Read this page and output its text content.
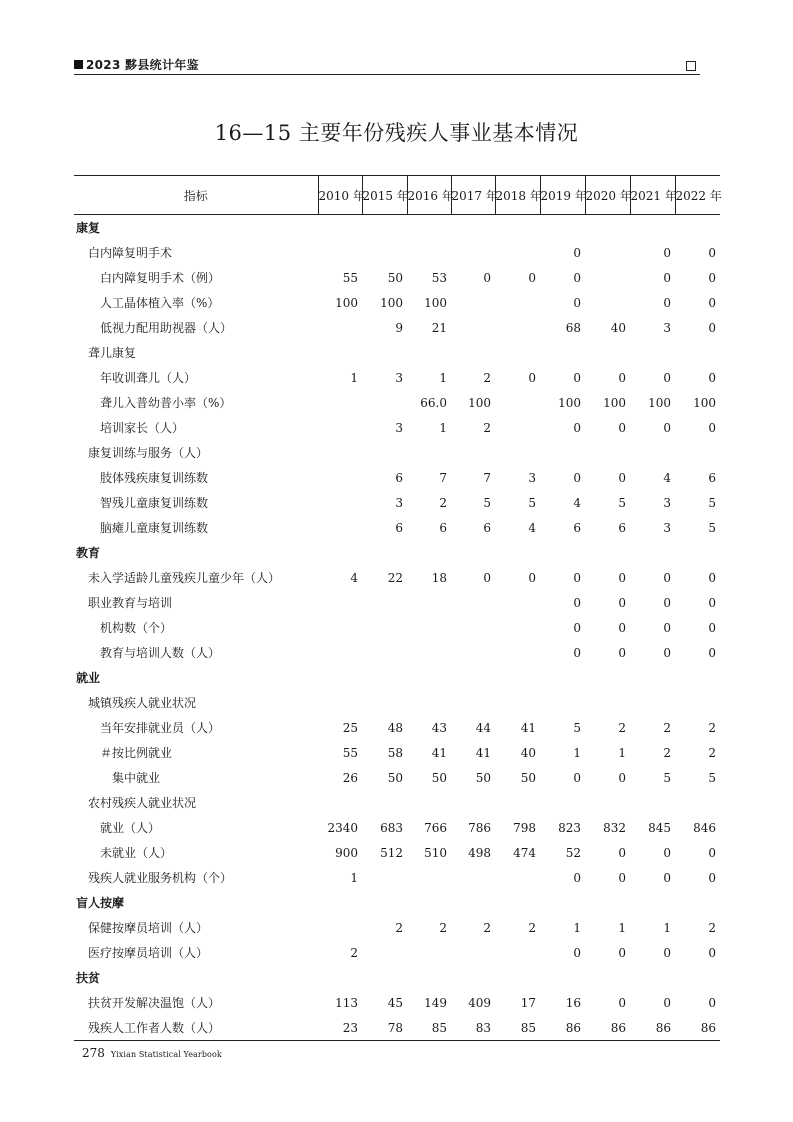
2023 黟县统计年鉴
16—15 主要年份残疾人事业基本情况
指标	2010 年	2015 年	2016 年	2017 年	2018 年	2019 年	2020 年	2021 年	2022 年
康复									
白内障复明手术						0		0	0
白内障复明手术（例）	55	50	53	0	0	0		0	0
人工晶体植入率（%）	100	100	100			0		0	0
低视力配用助视器（人）		9	21			68	40	3	0
聋儿康复									
年收训聋儿（人）	1	3	1	2	0	0	0	0	0
聋儿入普幼普小率（%）			66.0	100		100	100	100	100
培训家长（人）		3	1	2		0	0	0	0
康复训练与服务（人）									
肢体残疾康复训练数		6	7	7	3	0	0	4	6
智残儿童康复训练数		3	2	5	5	4	5	3	5
脑瘫儿童康复训练数		6	6	6	4	6	6	3	5
教育									
未入学适龄儿童残疾儿童少年（人）	4	22	18	0	0	0	0	0	0
职业教育与培训						0	0	0	0
机构数（个）						0	0	0	0
教育与培训人数（人）						0	0	0	0
就业									
城镇残疾人就业状况									
当年安排就业员（人）	25	48	43	44	41	5	2	2	2
＃按比例就业	55	58	41	41	40	1	1	2	2
集中就业	26	50	50	50	50	0	0	5	5
农村残疾人就业状况									
就业（人）	2340	683	766	786	798	823	832	845	846
未就业（人）	900	512	510	498	474	52	0	0	0
残疾人就业服务机构（个）	1					0	0	0	0
盲人按摩									
保健按摩员培训（人）		2	2	2	2	1	1	1	2
医疗按摩员培训（人）	2					0	0	0	0
扶贫									
扶贫开发解决温饱（人）	113	45	149	409	17	16	0	0	0
残疾人工作者人数（人）	23	78	85	83	85	86	86	86	86
278 Yixian Statistical Yearbook
